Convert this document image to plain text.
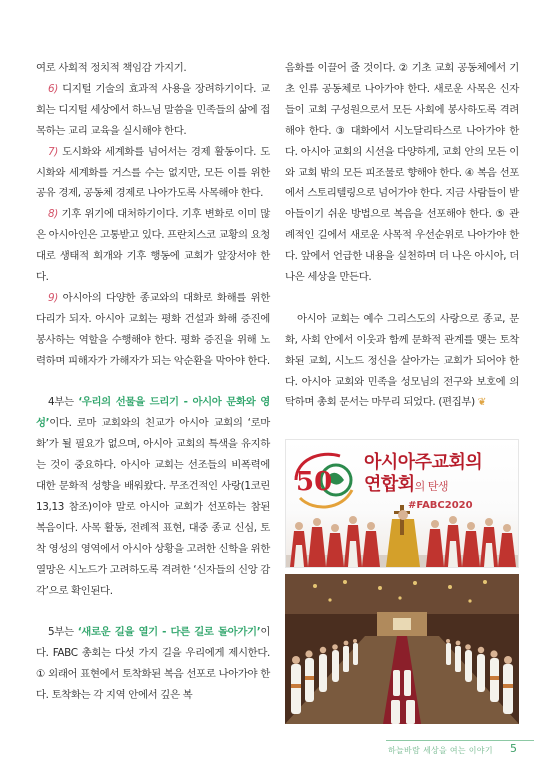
여로 사회적 정치적 책임감 가지기.

6) 디지털 기술의 효과적 사용을 장려하기이다. 교회는 디지털 세상에서 하느님 말씀을 민족들의 삶에 접목하는 교리 교육을 실시해야 한다.

7) 도시화와 세계화를 넘어서는 경제 활동이다. 도시화와 세계화를 거스를 수는 없지만, 모든 이를 위한 공유 경제, 공동체 경제로 나아가도록 사목해야 한다.

8) 기후 위기에 대처하기이다. 기후 변화로 이미 많은 아시아인은 고통받고 있다. 프란치스코 교황의 요청대로 생태적 회개와 기후 행동에 교회가 앞장서야 한다.

9) 아시아의 다양한 종교와의 대화로 화해를 위한 다리가 되자. 아시아 교회는 평화 건설과 화해 증진에 봉사하는 역할을 수행해야 한다. 평화 증진을 위해 노력하며 피해자가 가해자가 되는 악순환을 막아야 한다.

4부는 ‘우리의 선물을 드리기 - 아시아 문화와 영성’이다. 로마 교회와의 친교가 아시아 교회의 ‘로마화’가 될 필요가 없으며, 아시아 교회의 특색을 유지하는 것이 중요하다. 아시아 교회는 선조들의 비폭력에 대한 문화적 성향을 배워왔다. 무조건적인 사랑(1코린 13,13 참조)이야 말로 아시아 교회가 선포하는 참된 복음이다. 사목 활동, 전례적 표현, 대중 종교 신심, 토착 영성의 영역에서 아시아 상황을 고려한 신학을 위한 열망은 시노드가 고려하도록 격려한 ‘신자들의 신앙 감각’으로 확인된다.

5부는 ‘새로운 길을 열기 - 다른 길로 돌아가기’이다. FABC 총회는 다섯 가지 길을 우리에게 제시한다. ① 외래어 표현에서 토착화된 복음 선포로 나아가야 한다. 토착화는 각 지역 안에서 깊은 복

음화를 이끌어 줄 것이다. ② 기초 교회 공동체에서 기초 인류 공동체로 나아가야 한다. 새로운 사목은 신자들이 교회 구성원으로서 모든 사회에 봉사하도록 격려해야 한다. ③ 대화에서 시노달리타스로 나아가야 한다. 아시아 교회의 시선을 다양하게, 교회 안의 모든 이와 교회 밖의 모든 피조물로 향해야 한다. ④ 복음 선포에서 스토리텔링으로 넘어가야 한다. 지금 사람들이 받아들이기 쉬운 방법으로 복음을 선포해야 한다. ⑤ 관례적인 길에서 새로운 사목적 우선순위로 나아가야 한다. 앞에서 언급한 내용을 실천하며 더 나은 아시아, 더 나은 세상을 만든다.

아시아 교회는 예수 그리스도의 사랑으로 종교, 문화, 사회 안에서 이웃과 함께 문화적 관계를 맺는 토착화된 교회, 시노드 정신을 살아가는 교회가 되어야 한다. 아시아 교회와 민족을 성모님의 전구와 보호에 의탁하며 총회 문서는 마무리 되었다. (편집부) ❦

50
아시아주교회의
연합회의 탄생
#FABC2020
하늘바람 세상을 여는 이야기 5
